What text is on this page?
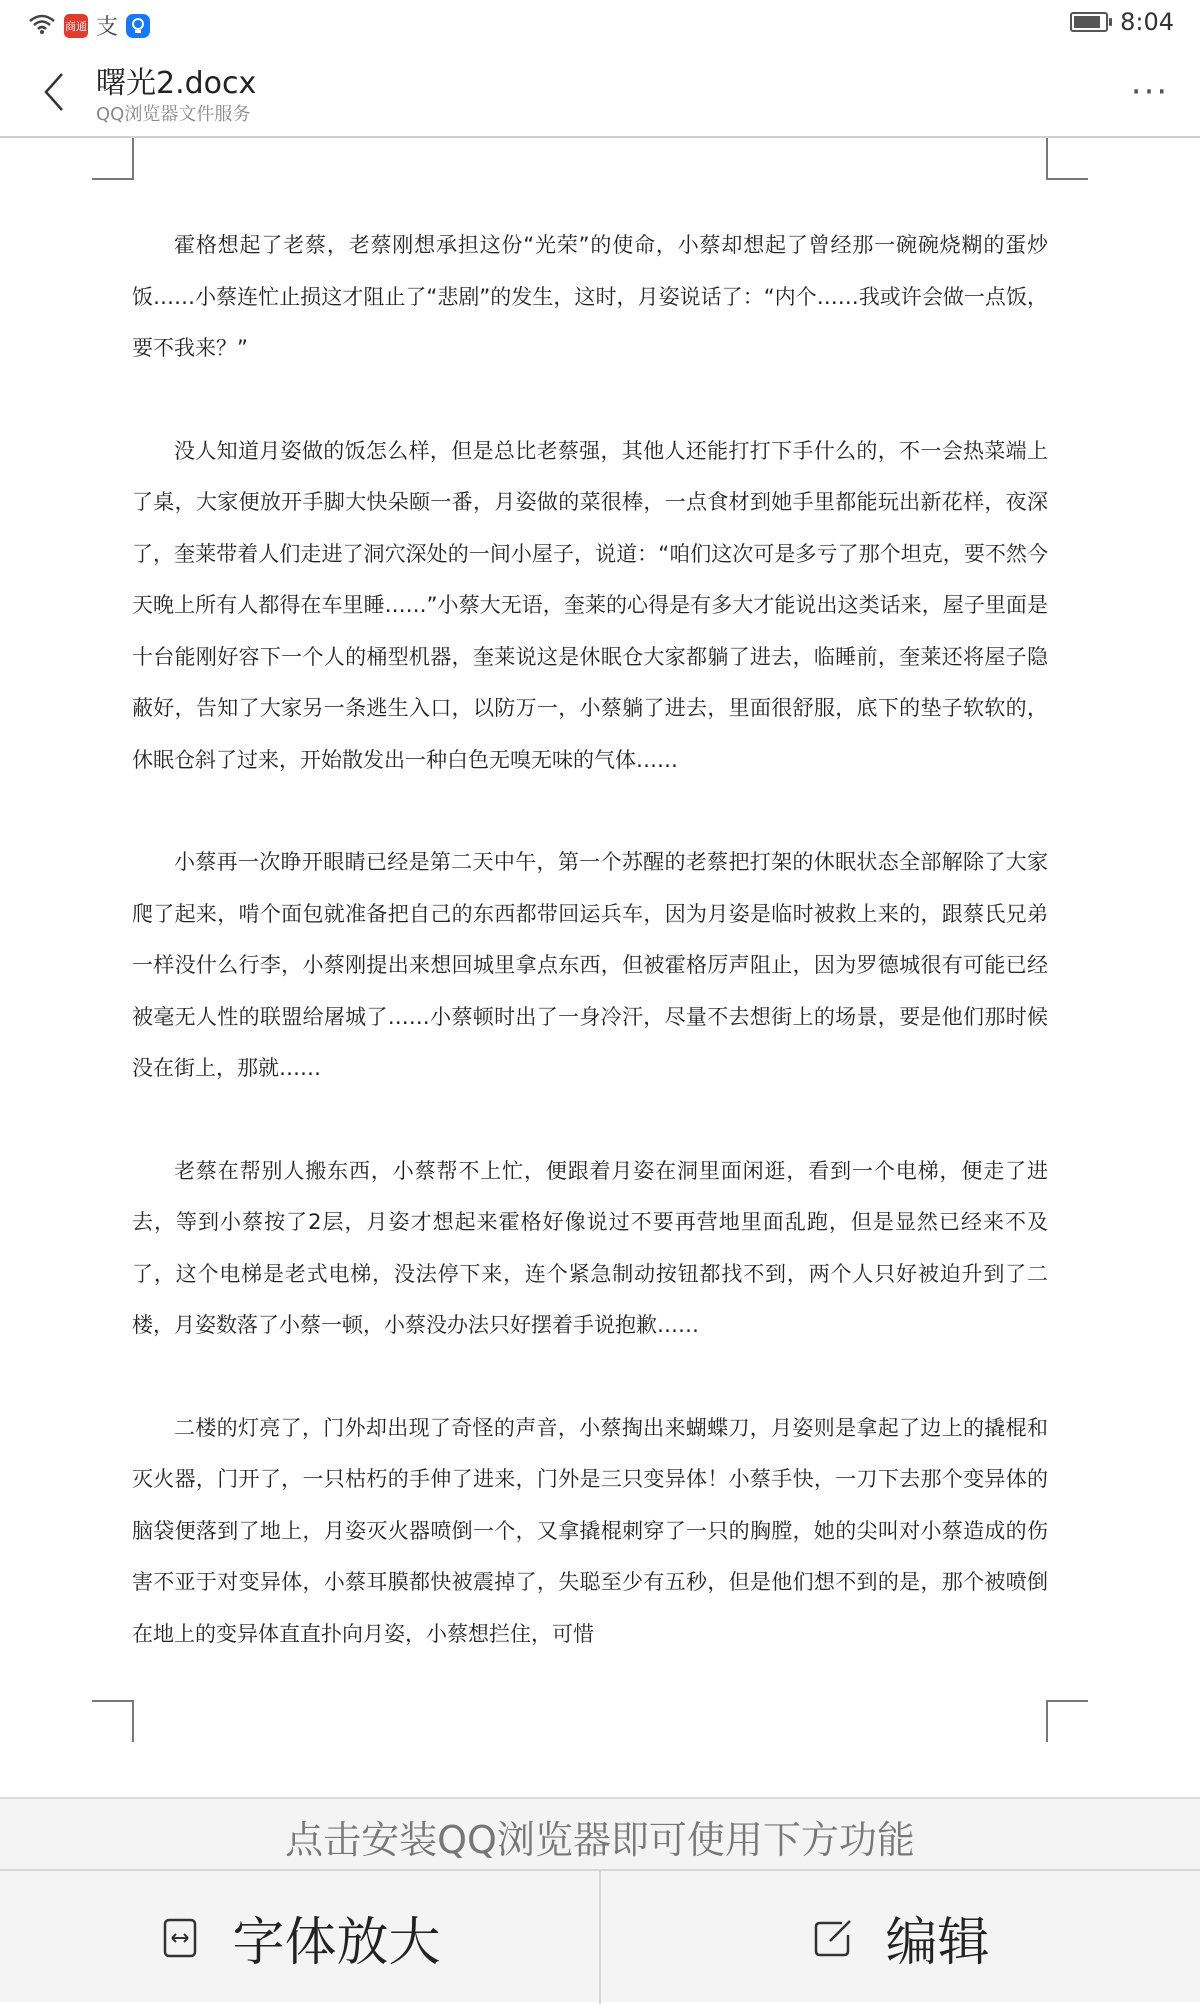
商通 支	8:04
曙光2.docx
QQ浏览器文件服务
···

霍格想起了老蔡，老蔡刚想承担这份“光荣”的使命，小蔡却想起了曾经那一碗碗烧糊的蛋炒饭……小蔡连忙止损这才阻止了“悲剧”的发生，这时，月姿说话了：“内个……我或许会做一点饭，要不我来？”

没人知道月姿做的饭怎么样，但是总比老蔡强，其他人还能打打下手什么的，不一会热菜端上了桌，大家便放开手脚大快朵颐一番，月姿做的菜很棒，一点食材到她手里都能玩出新花样，夜深了，奎莱带着人们走进了洞穴深处的一间小屋子，说道：“咱们这次可是多亏了那个坦克，要不然今天晚上所有人都得在车里睡……”小蔡大无语，奎莱的心得是有多大才能说出这类话来，屋子里面是十台能刚好容下一个人的桶型机器，奎莱说这是休眠仓大家都躺了进去，临睡前，奎莱还将屋子隐蔽好，告知了大家另一条逃生入口，以防万一，小蔡躺了进去，里面很舒服，底下的垫子软软的，休眠仓斜了过来，开始散发出一种白色无嗅无味的气体……

小蔡再一次睁开眼睛已经是第二天中午，第一个苏醒的老蔡把打架的休眠状态全部解除了大家爬了起来，啃个面包就准备把自己的东西都带回运兵车，因为月姿是临时被救上来的，跟蔡氏兄弟一样没什么行李，小蔡刚提出来想回城里拿点东西，但被霍格厉声阻止，因为罗德城很有可能已经被毫无人性的联盟给屠城了……小蔡顿时出了一身冷汗，尽量不去想街上的场景，要是他们那时候没在街上，那就……

老蔡在帮别人搬东西，小蔡帮不上忙，便跟着月姿在洞里面闲逛，看到一个电梯，便走了进去，等到小蔡按了2层，月姿才想起来霍格好像说过不要再营地里面乱跑，但是显然已经来不及了，这个电梯是老式电梯，没法停下来，连个紧急制动按钮都找不到，两个人只好被迫升到了二楼，月姿数落了小蔡一顿，小蔡没办法只好摆着手说抱歉……

二楼的灯亮了，门外却出现了奇怪的声音，小蔡掏出来蝴蝶刀，月姿则是拿起了边上的撬棍和灭火器，门开了，一只枯朽的手伸了进来，门外是三只变异体！小蔡手快，一刀下去那个变异体的脑袋便落到了地上，月姿灭火器喷倒一个，又拿撬棍刺穿了一只的胸膛，她的尖叫对小蔡造成的伤害不亚于对变异体，小蔡耳膜都快被震掉了，失聪至少有五秒，但是他们想不到的是，那个被喷倒在地上的变异体直直扑向月姿，小蔡想拦住，可惜

点击安装QQ浏览器即可使用下方功能
字体放大	编辑
